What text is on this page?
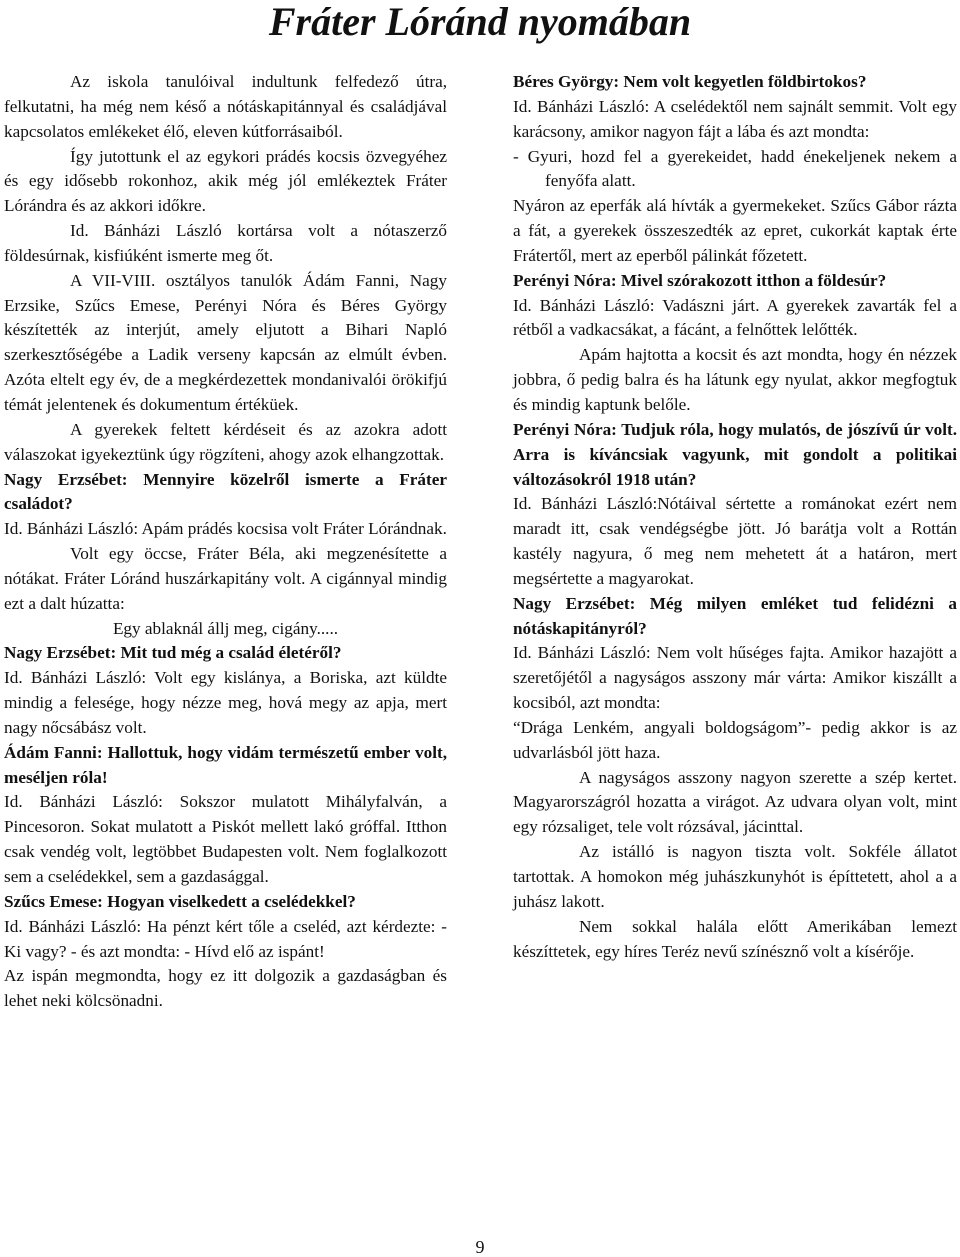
Fráter Lóránd nyomában

Az iskola tanulóival indultunk felfedező útra, felkutatni, ha még nem késő a nótáskapitánnyal és családjával kapcsolatos emlékeket élő, eleven kútforrásaiból.

Így jutottunk el az egykori prádés kocsis özvegyéhez és egy idősebb rokonhoz, akik még jól emlékeztek Fráter Lórándra és az akkori időkre.

Id. Bánházi László kortársa volt a nótaszerző földesúrnak, kisfiúként ismerte meg őt.

A VII-VIII. osztályos tanulók Ádám Fanni, Nagy Erzsike, Szűcs Emese, Perényi Nóra és Béres György készítették az interjút, amely eljutott a Bihari Napló szerkesztőségébe a Ladik verseny kapcsán az elmúlt évben. Azóta eltelt egy év, de a megkérdezettek mondanivalói örökifjú témát jelentenek és dokumentum értéküek.

A gyerekek feltett kérdéseit és az azokra adott válaszokat igyekeztünk úgy rögzíteni, ahogy azok elhangzottak.

Nagy Erzsébet: Mennyire közelről ismerte a Fráter családot?

Id. Bánházi László: Apám prádés kocsisa volt Fráter Lórándnak.

Volt egy öccse, Fráter Béla, aki megzenésítette a nótákat. Fráter Lóránd huszárkapitány volt. A cigánnyal mindig ezt a dalt húzatta:

Egy ablaknál állj meg, cigány.....

Nagy Erzsébet: Mit tud még a család életéről?

Id. Bánházi László: Volt egy kislánya, a Boriska, azt küldte mindig a felesége, hogy nézze meg, hová megy az apja, mert nagy nőcsábász volt.

Ádám Fanni: Hallottuk, hogy vidám természetű ember volt, meséljen róla!

Id. Bánházi László: Sokszor mulatott Mihályfalván, a Pincesoron. Sokat mulatott a Piskót mellett lakó gróffal. Itthon csak vendég volt, legtöbbet Budapesten volt. Nem foglalkozott sem a cselédekkel, sem a gazdasággal.

Szűcs Emese: Hogyan viselkedett a cselédekkel?

Id. Bánházi László: Ha pénzt kért tőle a cseléd, azt kérdezte: - Ki vagy? - és azt mondta: - Hívd elő az ispánt!

Az ispán megmondta, hogy ez itt dolgozik a gazdaságban és lehet neki kölcsönadni.

Béres György: Nem volt kegyetlen földbirtokos?

Id. Bánházi László: A cselédektől nem sajnált semmit. Volt egy karácsony, amikor nagyon fájt a lába és azt mondta:

- Gyuri, hozd fel a gyerekeidet, hadd énekeljenek nekem a fenyőfa alatt.

Nyáron az eperfák alá hívták a gyermekeket. Szűcs Gábor rázta a fát, a gyerekek összeszedték az epret, cukorkát kaptak érte Frátertől, mert az eperből pálinkát főzetett.

Perényi Nóra: Mivel szórakozott itthon a földesúr?

Id. Bánházi László: Vadászni járt. A gyerekek zavarták fel a rétből a vadkacsákat, a fácánt, a felnőttek lelőtték.

Apám hajtotta a kocsit és azt mondta, hogy én nézzek jobbra, ő pedig balra és ha látunk egy nyulat, akkor megfogtuk és mindig kaptunk belőle.

Perényi Nóra: Tudjuk róla, hogy mulatós, de jószívű úr volt. Arra is kíváncsiak vagyunk, mit gondolt a politikai változásokról 1918 után?

Id. Bánházi László:Nótáival sértette a románokat ezért nem maradt itt, csak vendégségbe jött. Jó barátja volt a Rottán kastély nagyura, ő meg nem mehetett át a határon, mert megsértette a magyarokat.

Nagy Erzsébet: Még milyen emléket tud felidézni a nótáskapitányról?

Id. Bánházi László: Nem volt hűséges fajta. Amikor hazajött a szeretőjétől a nagyságos asszony már várta: Amikor kiszállt a kocsiból, azt mondta:

“Drága Lenkém, angyali boldogságom”- pedig akkor is az udvarlásból jött haza.

A nagyságos asszony nagyon szerette a szép kertet. Magyarországról hozatta a virágot. Az udvara olyan volt, mint egy rózsaliget, tele volt rózsával, jácinttal.

Az istálló is nagyon tiszta volt. Sokféle állatot tartottak. A homokon még juhászkunyhót is építtetett, ahol a a juhász lakott.

Nem sokkal halála előtt Amerikában lemezt készíttetek, egy híres Teréz nevű színésznő volt a kísérője.

9
